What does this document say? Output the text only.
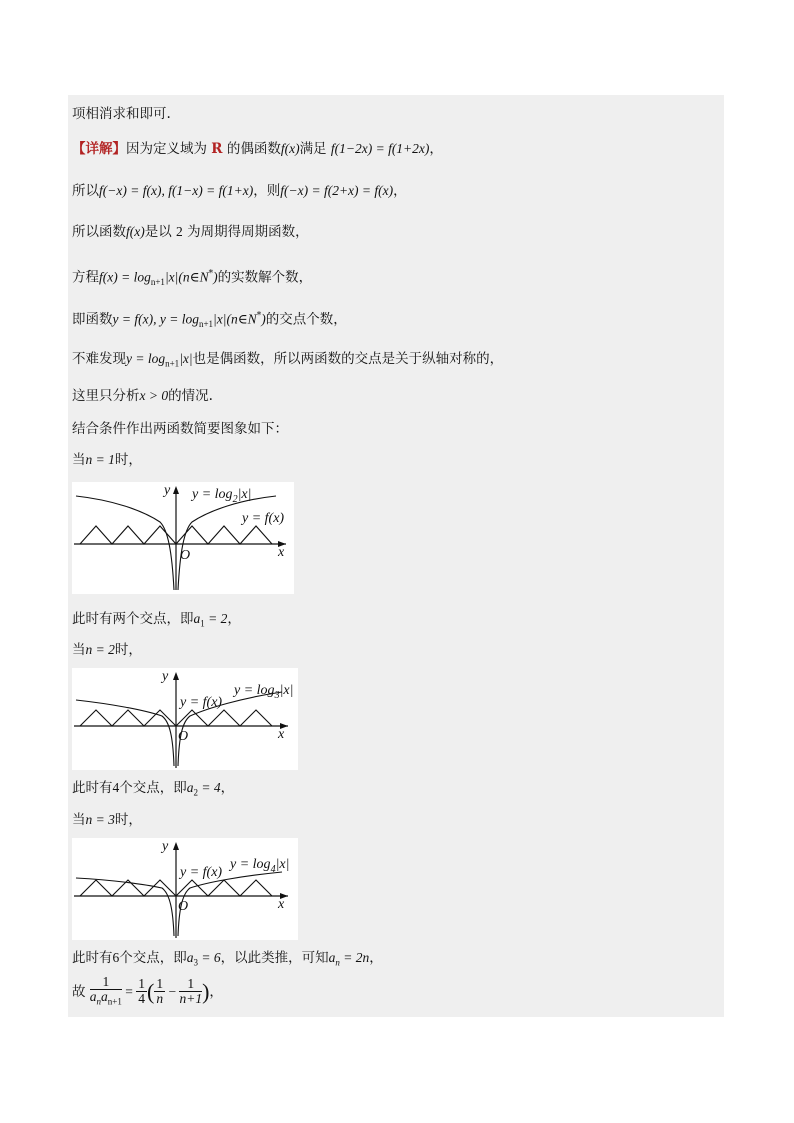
项相消求和即可.
【详解】因为定义域为 R 的偶函数f(x)满足 f(1−2x) = f(1+2x)，
所以f(−x) = f(x), f(1−x) = f(1+x)，则f(−x) = f(2+x) = f(x)，
所以函数f(x)是以 2 为周期得周期函数，
方程$f(x) = \log_{n+1}|x|(n\in N^*)$的实数解个数，
即函数y = f(x), $y = \log_{n+1}|x|(n\in N^*)$的交点个数，
不难发现$y = \log_{n+1}|x|$也是偶函数，所以两函数的交点是关于纵轴对称的，
这里只分析x > 0的情况.
结合条件作出两函数简要图象如下：
当n = 1时，
y
x
O
$y = \log_2|x|$
y = f(x)
此时有两个交点，即$a_1 = 2$，
当n = 2时，
y
x
O
$y = \log_3|x|$
y = f(x)
此时有4个交点，即$a_2 = 4$，
当n = 3时，
y
x
O
$y = \log_4|x|$
y = f(x)
此时有6个交点，即$a_3 = 6$，以此类推，可知$a_n = 2n$，
故 $\frac{1}{a_na_{n+1}} = \frac{1}{4}$ ( $\frac{1}{n} - \frac{1}{n+1}$ )，
